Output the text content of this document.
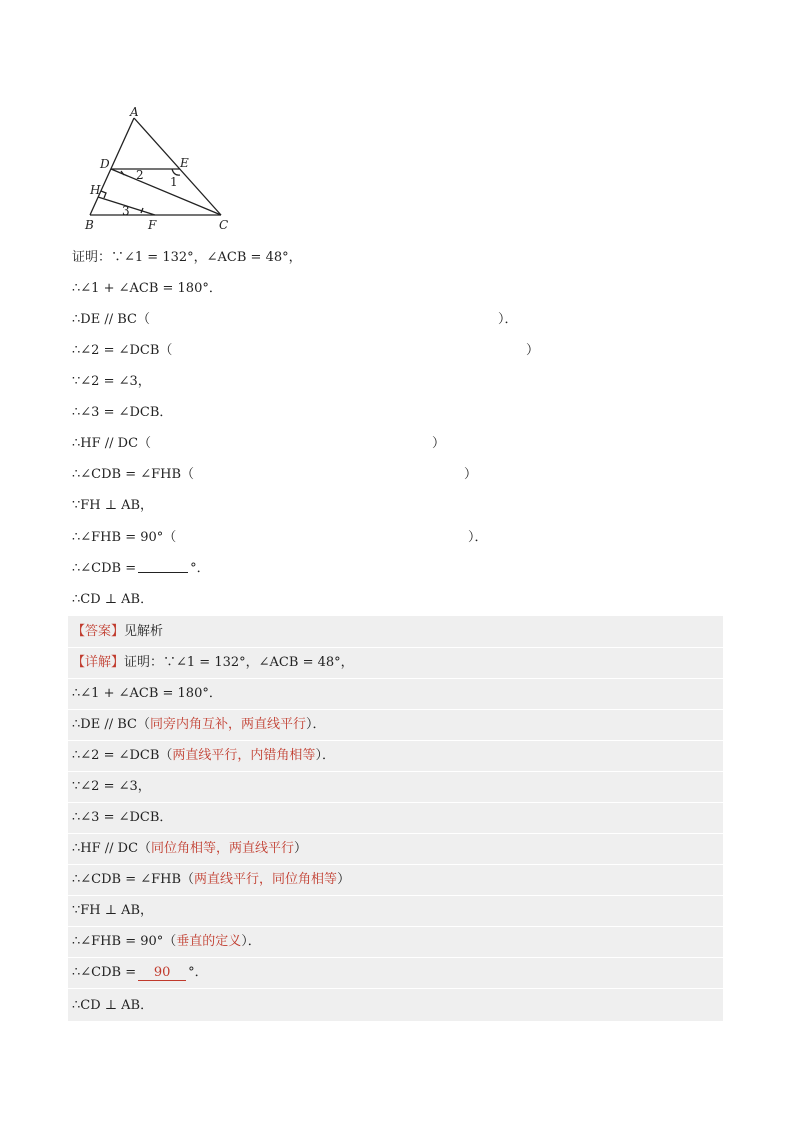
A
D	E
H
B	F	C
1
2
3
证明：∵∠1 = 132°，∠ACB = 48°，
∴∠1 + ∠ACB = 180°．
∴DE // BC（	）．
∴∠2 = ∠DCB（	）
∵∠2 = ∠3，
∴∠3 = ∠DCB．
∴HF // DC（	）
∴∠CDB = ∠FHB（	）
∵FH ⊥ AB，
∴∠FHB = 90°（	）．
∴∠CDB =	°．
∴CD ⊥ AB．
【答案】见解析
【详解】证明：∵∠1 = 132°，∠ACB = 48°，
∴∠1 + ∠ACB = 180°．
∴DE // BC（同旁内角互补，两直线平行）．
∴∠2 = ∠DCB（两直线平行，内错角相等）．
∵∠2 = ∠3，
∴∠3 = ∠DCB．
∴HF // DC（同位角相等，两直线平行）
∴∠CDB = ∠FHB（两直线平行，同位角相等）
∵FH ⊥ AB，
∴∠FHB = 90°（垂直的定义）．
∴∠CDB = 90 °．
∴CD ⊥ AB．
